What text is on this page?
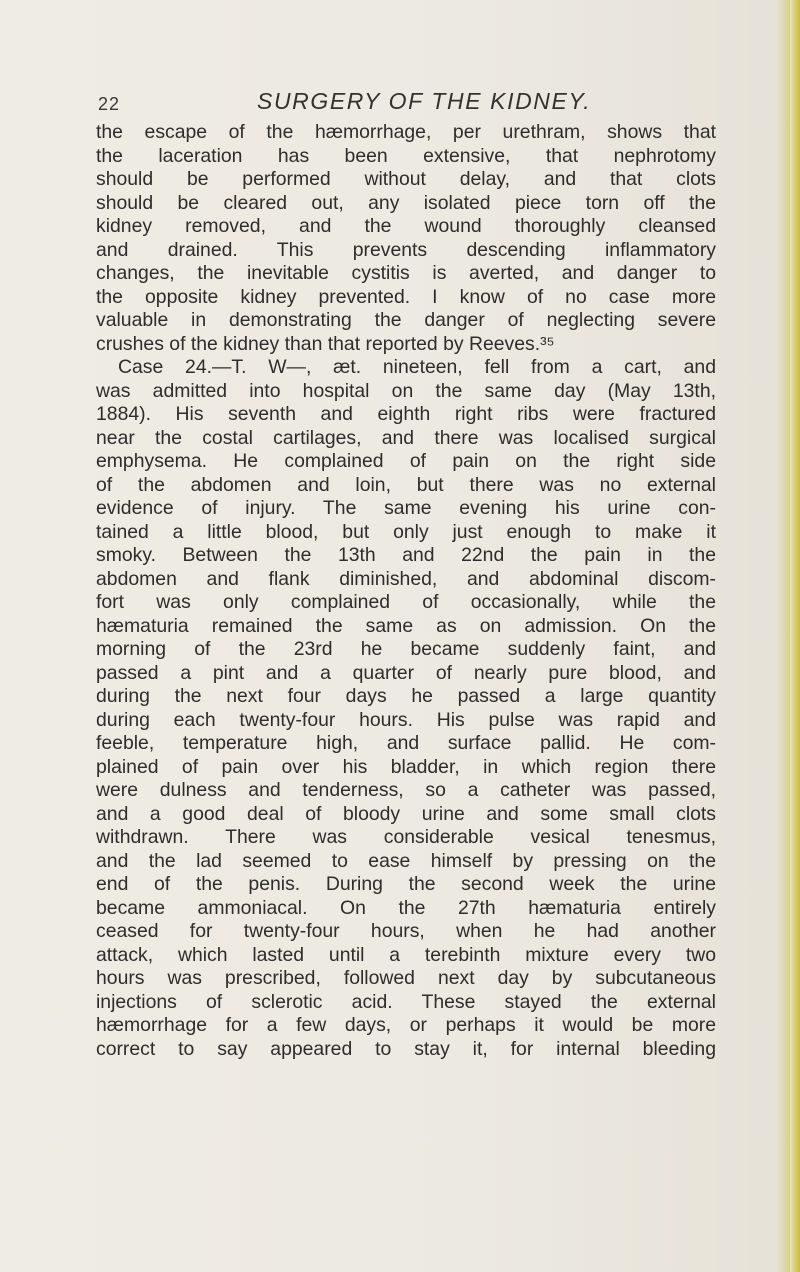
22	SURGERY OF THE KIDNEY.
the escape of the hæmorrhage, per urethram, shows that
the laceration has been extensive, that nephrotomy
should be performed without delay, and that clots
should be cleared out, any isolated piece torn off the
kidney removed, and the wound thoroughly cleansed
and drained. This prevents descending inflammatory
changes, the inevitable cystitis is averted, and danger to
the opposite kidney prevented. I know of no case more
valuable in demonstrating the danger of neglecting severe
crushes of the kidney than that reported by Reeves.³⁵
Case 24.—T. W—, æt. nineteen, fell from a cart, and
was admitted into hospital on the same day (May 13th,
1884). His seventh and eighth right ribs were fractured
near the costal cartilages, and there was localised surgical
emphysema. He complained of pain on the right side
of the abdomen and loin, but there was no external
evidence of injury. The same evening his urine con-
tained a little blood, but only just enough to make it
smoky. Between the 13th and 22nd the pain in the
abdomen and flank diminished, and abdominal discom-
fort was only complained of occasionally, while the
hæmaturia remained the same as on admission. On the
morning of the 23rd he became suddenly faint, and
passed a pint and a quarter of nearly pure blood, and
during the next four days he passed a large quantity
during each twenty-four hours. His pulse was rapid and
feeble, temperature high, and surface pallid. He com-
plained of pain over his bladder, in which region there
were dulness and tenderness, so a catheter was passed,
and a good deal of bloody urine and some small clots
withdrawn. There was considerable vesical tenesmus,
and the lad seemed to ease himself by pressing on the
end of the penis. During the second week the urine
became ammoniacal. On the 27th hæmaturia entirely
ceased for twenty-four hours, when he had another
attack, which lasted until a terebinth mixture every two
hours was prescribed, followed next day by subcutaneous
injections of sclerotic acid. These stayed the external
hæmorrhage for a few days, or perhaps it would be more
correct to say appeared to stay it, for internal bleeding
